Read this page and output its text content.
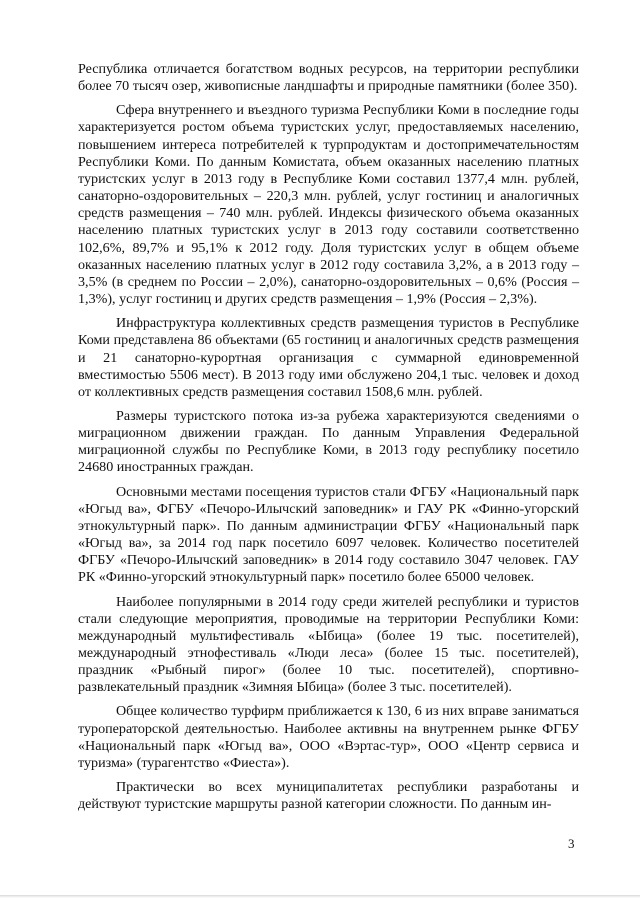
Республика отличается богатством водных ресурсов, на территории республики более 70 тысяч озер, живописные ландшафты и природные памятники (более 350).

Сфера внутреннего и въездного туризма Республики Коми в последние годы характеризуется ростом объема туристских услуг, предоставляемых населению, повышением интереса потребителей к турпродуктам и достопримечательностям Республики Коми. По данным Комистата, объем оказанных населению платных туристских услуг в 2013 году в Республике Коми составил 1377,4 млн. рублей, санаторно-оздоровительных – 220,3 млн. рублей, услуг гостиниц и аналогичных средств размещения – 740 млн. рублей. Индексы физического объема оказанных населению платных туристских услуг в 2013 году составили соответственно 102,6%, 89,7% и 95,1% к 2012 году. Доля туристских услуг в общем объеме оказанных населению платных услуг в 2012 году составила 3,2%, а в 2013 году – 3,5% (в среднем по России – 2,0%), санаторно-оздоровительных – 0,6% (Россия – 1,3%), услуг гостиниц и других средств размещения – 1,9% (Россия – 2,3%).

Инфраструктура коллективных средств размещения туристов в Республике Коми представлена 86 объектами (65 гостиниц и аналогичных средств размещения и 21 санаторно-курортная организация с суммарной единовременной вместимостью 5506 мест). В 2013 году ими обслужено 204,1 тыс. человек и доход от коллективных средств размещения составил 1508,6 млн. рублей.

Размеры туристского потока из-за рубежа характеризуются сведениями о миграционном движении граждан. По данным Управления Федеральной миграционной службы по Республике Коми, в 2013 году республику посетило 24680 иностранных граждан.

Основными местами посещения туристов стали ФГБУ «Национальный парк «Югыд ва», ФГБУ «Печоро-Илычский заповедник» и ГАУ РК «Финно-угорский этнокультурный парк». По данным администрации ФГБУ «Национальный парк «Югыд ва», за 2014 год парк посетило 6097 человек. Количество посетителей ФГБУ «Печоро-Илычский заповедник» в 2014 году составило 3047 человек. ГАУ РК «Финно-угорский этнокультурный парк» посетило более 65000 человек.

Наиболее популярными в 2014 году среди жителей республики и туристов стали следующие мероприятия, проводимые на территории Республики Коми: международный мультифестиваль «Ыбица» (более 19 тыс. посетителей), международный этнофестиваль «Люди леса» (более 15 тыс. посетителей), праздник «Рыбный пирог» (более 10 тыс. посетителей), спортивно-развлекательный праздник «Зимняя Ыбица» (более 3 тыс. посетителей).

Общее количество турфирм приближается к 130, 6 из них вправе заниматься туроператорской деятельностью. Наиболее активны на внутреннем рынке ФГБУ «Национальный парк «Югыд ва», ООО «Вэртас-тур», ООО «Центр сервиса и туризма» (турагентство «Фиеста»).

Практически во всех муниципалитетах республики разработаны и действуют туристские маршруты разной категории сложности. По данным ин-

3
